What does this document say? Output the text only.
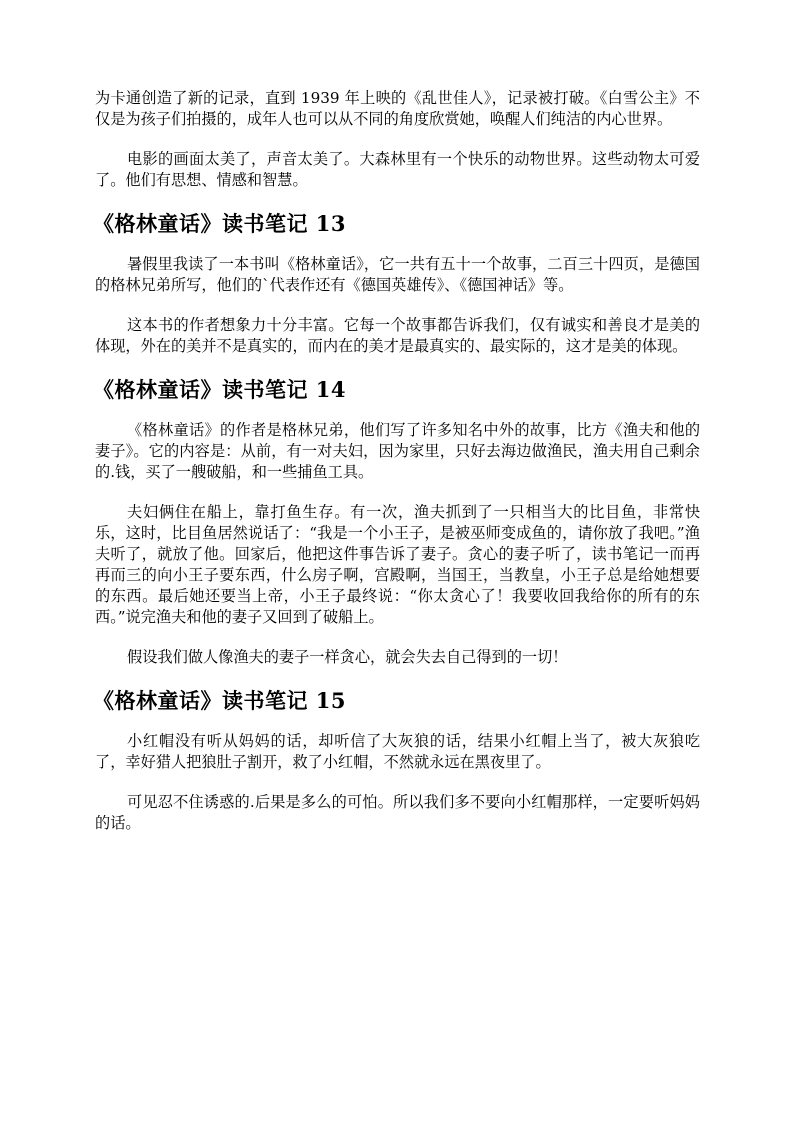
为卡通创造了新的记录，直到 1939 年上映的《乱世佳人》，记录被打破。《白雪公主》不仅是为孩子们拍摄的，成年人也可以从不同的角度欣赏她，唤醒人们纯洁的内心世界。

电影的画面太美了，声音太美了。大森林里有一个快乐的动物世界。这些动物太可爱了。他们有思想、情感和智慧。

《格林童话》读书笔记 13

暑假里我读了一本书叫《格林童话》，它一共有五十一个故事，二百三十四页，是德国的格林兄弟所写，他们的`代表作还有《德国英雄传》、《德国神话》等。

这本书的作者想象力十分丰富。它每一个故事都告诉我们，仅有诚实和善良才是美的体现，外在的美并不是真实的，而内在的美才是最真实的、最实际的，这才是美的体现。

《格林童话》读书笔记 14

《格林童话》的作者是格林兄弟，他们写了许多知名中外的故事，比方《渔夫和他的妻子》。它的内容是：从前，有一对夫妇，因为家里，只好去海边做渔民，渔夫用自己剩余的.钱，买了一艘破船，和一些捕鱼工具。

夫妇俩住在船上，靠打鱼生存。有一次，渔夫抓到了一只相当大的比目鱼，非常快乐，这时，比目鱼居然说话了：“我是一个小王子，是被巫师变成鱼的，请你放了我吧。”渔夫听了，就放了他。回家后，他把这件事告诉了妻子。贪心的妻子听了，读书笔记一而再再而三的向小王子要东西，什么房子啊，宫殿啊，当国王，当教皇，小王子总是给她想要的东西。最后她还要当上帝，小王子最终说：“你太贪心了！我要收回我给你的所有的东西。”说完渔夫和他的妻子又回到了破船上。

假设我们做人像渔夫的妻子一样贪心，就会失去自己得到的一切！

《格林童话》读书笔记 15

小红帽没有听从妈妈的话，却听信了大灰狼的话，结果小红帽上当了，被大灰狼吃了，幸好猎人把狼肚子割开，救了小红帽，不然就永远在黑夜里了。

可见忍不住诱惑的.后果是多么的可怕。所以我们多不要向小红帽那样，一定要听妈妈的话。
